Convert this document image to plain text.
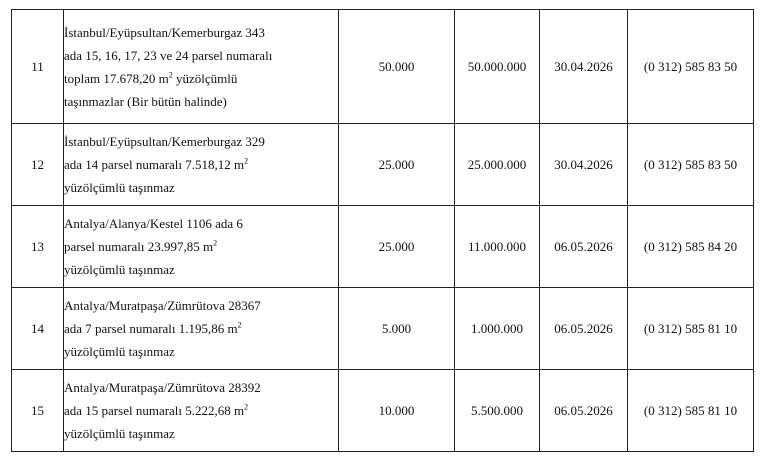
11	İstanbul/Eyüpsultan/Kemerburgaz 343
ada 15, 16, 17, 23 ve 24 parsel numaralı
toplam 17.678,20 $m^2$ yüzölçümlü
taşınmazlar (Bir bütün halinde)	50.000	50.000.000	30.04.2026	(0 312) 585 83 50
12	İstanbul/Eyüpsultan/Kemerburgaz 329
ada 14 parsel numaralı 7.518,12 $m^2$
yüzölçümlü taşınmaz	25.000	25.000.000	30.04.2026	(0 312) 585 83 50
13	Antalya/Alanya/Kestel 1106 ada 6
parsel numaralı 23.997,85 $m^2$
yüzölçümlü taşınmaz	25.000	11.000.000	06.05.2026	(0 312) 585 84 20
14	Antalya/Muratpaşa/Zümrütova 28367
ada 7 parsel numaralı 1.195,86 $m^2$
yüzölçümlü taşınmaz	5.000	1.000.000	06.05.2026	(0 312) 585 81 10
15	Antalya/Muratpaşa/Zümrütova 28392
ada 15 parsel numaralı 5.222,68 $m^2$
yüzölçümlü taşınmaz	10.000	5.500.000	06.05.2026	(0 312) 585 81 10
